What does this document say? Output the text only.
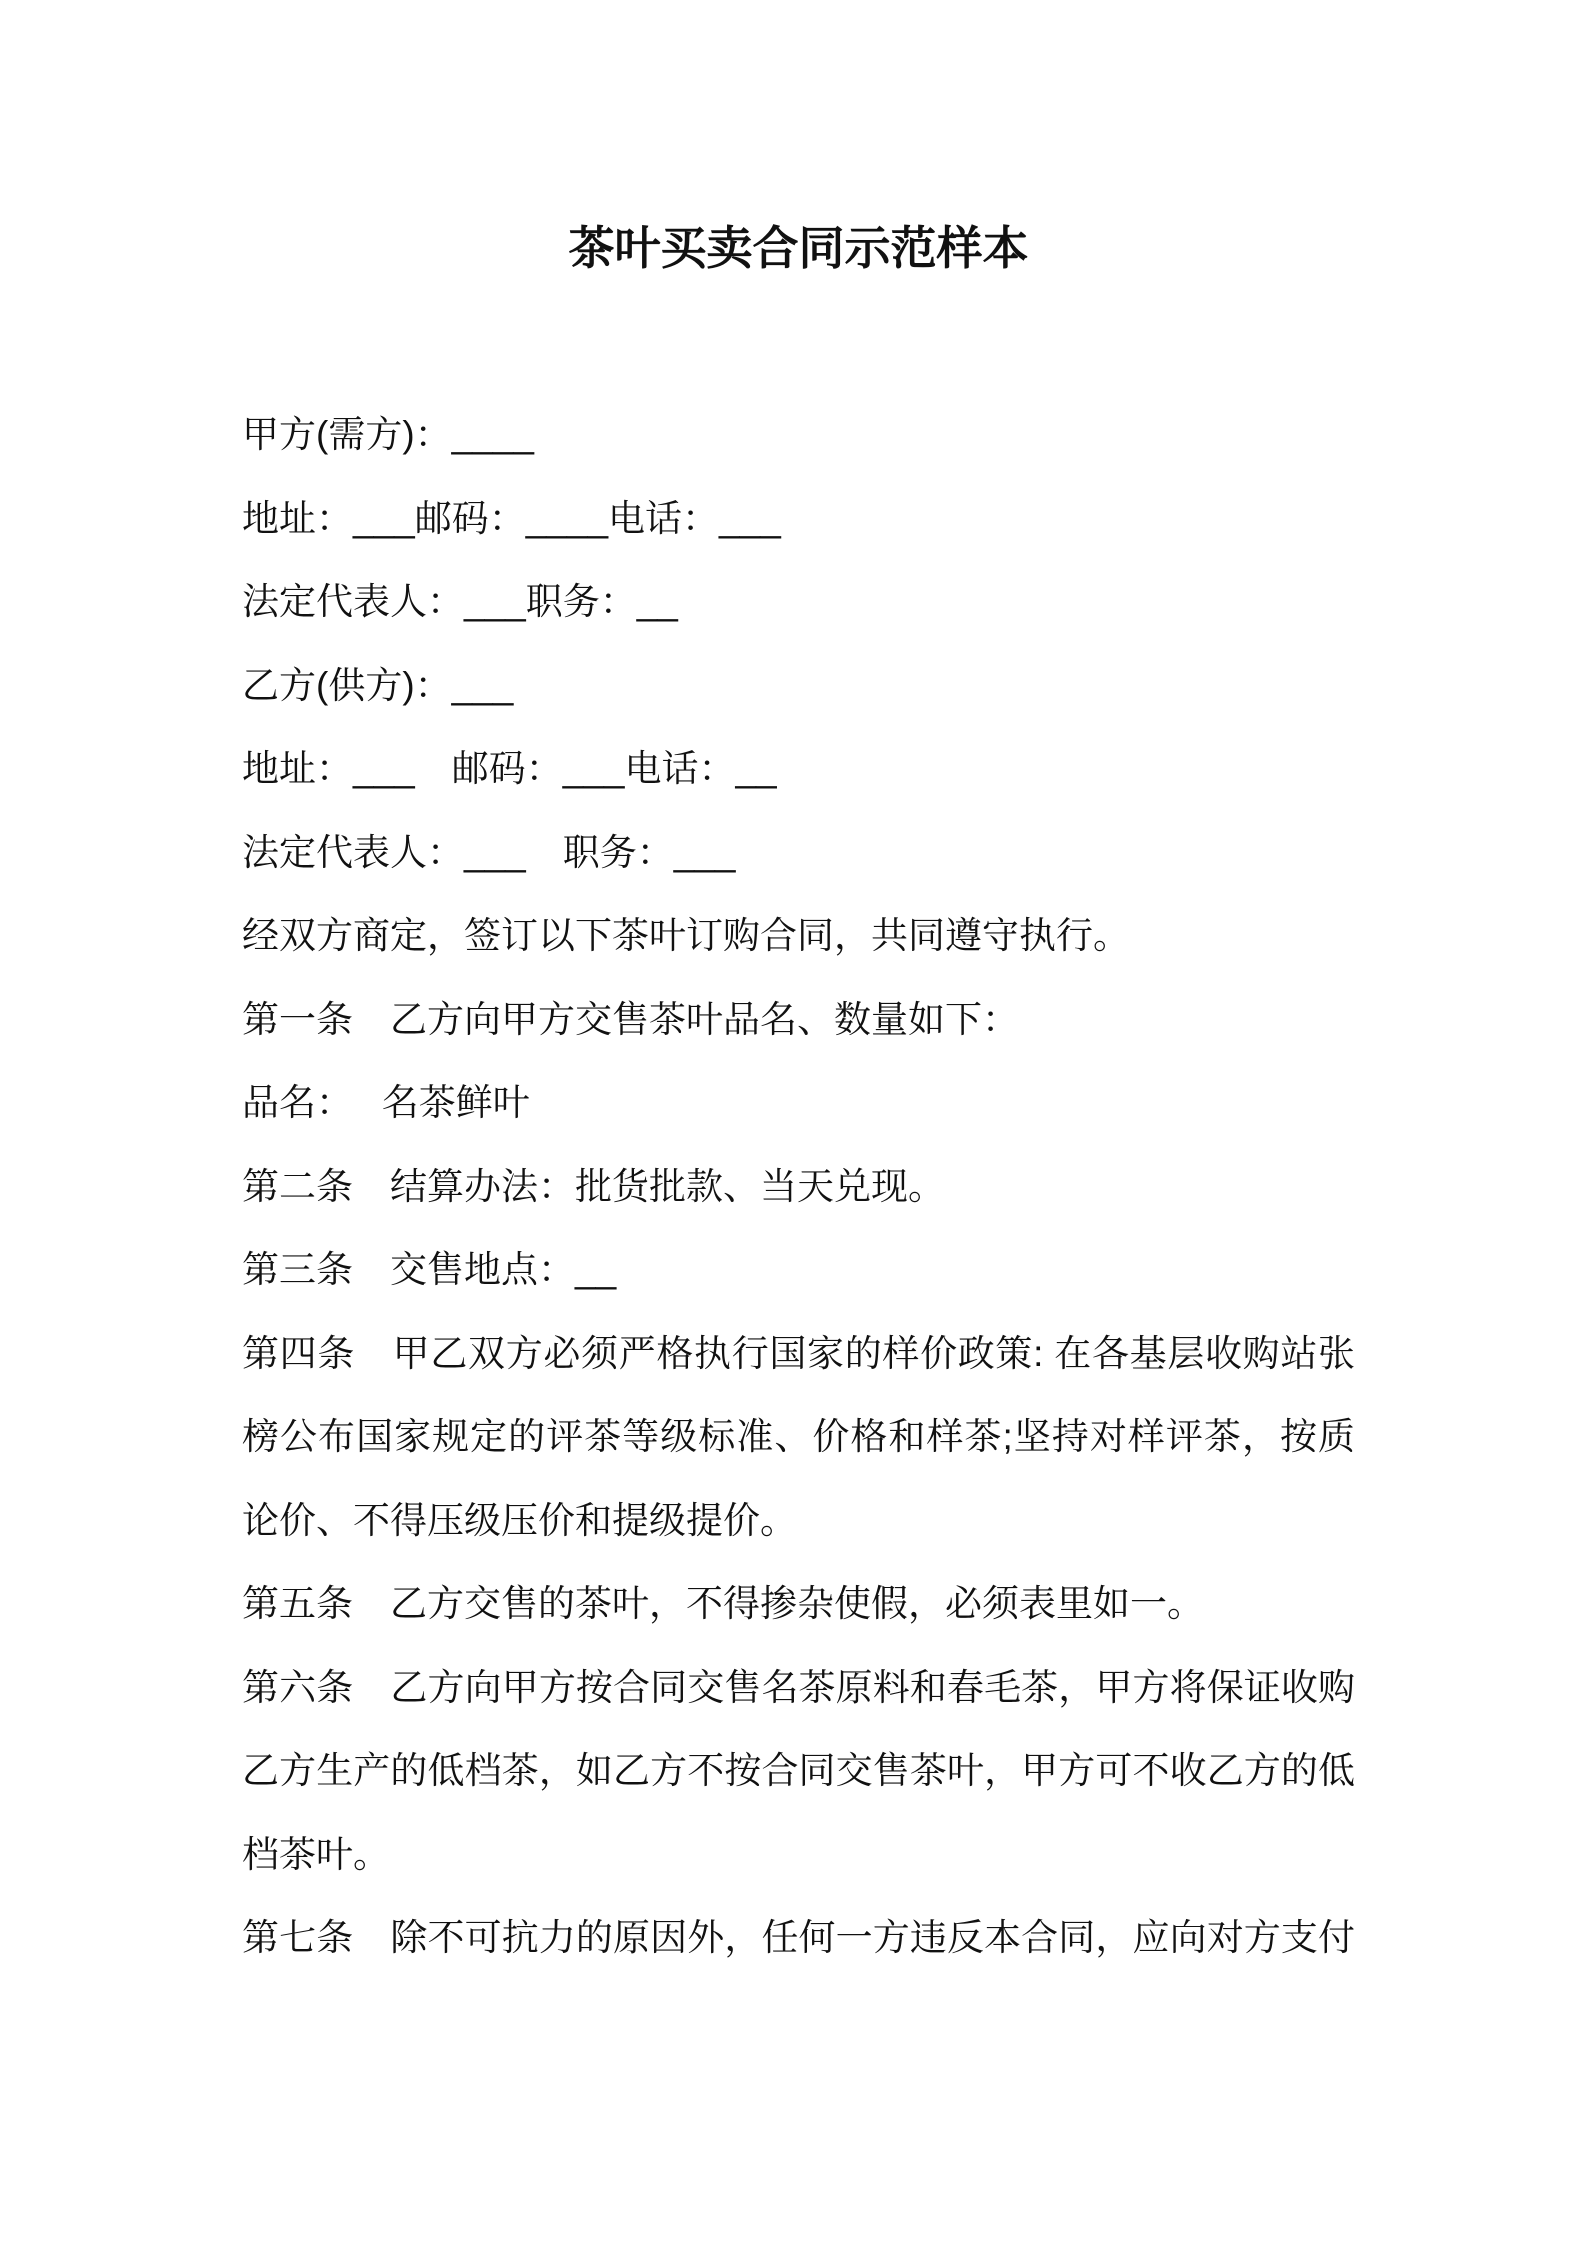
茶叶买卖合同示范样本
甲方(需方)：____
地址：___邮码：____电话：___
法定代表人：___职务：__
乙方(供方)：___
地址：___　邮码：___电话：__
法定代表人：___　职务：___
经双方商定，签订以下茶叶订购合同，共同遵守执行。
第一条　乙方向甲方交售茶叶品名、数量如下：
品名：　 名茶鲜叶
第二条　结算办法：批货批款、当天兑现。
第三条　交售地点：__
第四条　甲乙双方必须严格执行国家的样价政策: 在各基层收购站张
榜公布国家规定的评茶等级标准、价格和样茶;坚持对样评茶，按质
论价、不得压级压价和提级提价。
第五条　乙方交售的茶叶，不得掺杂使假，必须表里如一。
第六条　乙方向甲方按合同交售名茶原料和春毛茶，甲方将保证收购
乙方生产的低档茶，如乙方不按合同交售茶叶，甲方可不收乙方的低
档茶叶。
第七条　除不可抗力的原因外，任何一方违反本合同，应向对方支付
